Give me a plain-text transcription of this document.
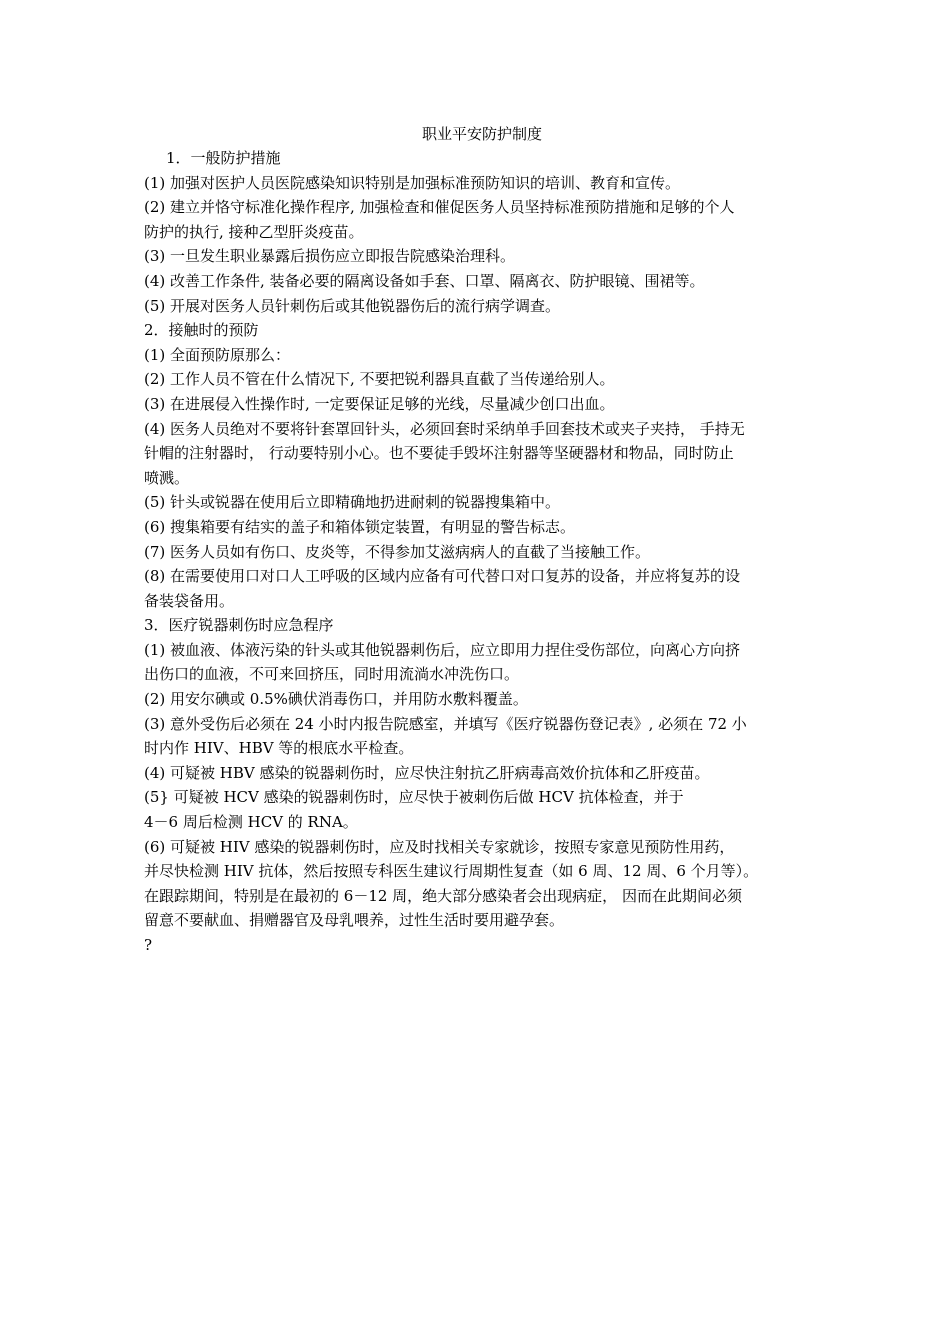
职业平安防护制度
1．一般防护措施
(1) 加强对医护人员医院感染知识特别是加强标准预防知识的培训、教育和宣传。
(2) 建立并恪守标准化操作程序, 加强检查和催促医务人员坚持标准预防措施和足够的个人
防护的执行, 接种乙型肝炎疫苗。
(3) 一旦发生职业暴露后损伤应立即报告院感染治理科。
(4) 改善工作条件, 装备必要的隔离设备如手套、口罩、隔离衣、防护眼镜、围裙等。
(5) 开展对医务人员针刺伤后或其他锐器伤后的流行病学调查。
2．接触时的预防
(1) 全面预防原那么：
(2) 工作人员不管在什么情况下, 不要把锐利器具直截了当传递给别人。
(3) 在进展侵入性操作时, 一定要保证足够的光线，尽量减少创口出血。
(4) 医务人员绝对不要将针套罩回针头，必须回套时采纳单手回套技术或夹子夹持， 手持无
针帽的注射器时， 行动要特别小心。也不要徒手毁坏注射器等坚硬器材和物品，同时防止
喷溅。
(5) 针头或锐器在使用后立即精确地扔进耐刺的锐器搜集箱中。
(6) 搜集箱要有结实的盖子和箱体锁定装置，有明显的警告标志。
(7) 医务人员如有伤口、皮炎等，不得参加艾滋病病人的直截了当接触工作。
(8) 在需要使用口对口人工呼吸的区域内应备有可代替口对口复苏的设备，并应将复苏的设
备装袋备用。
3．医疗锐器刺伤时应急程序
(1) 被血液、体液污染的针头或其他锐器刺伤后，应立即用力捏住受伤部位，向离心方向挤
出伤口的血液，不可来回挤压，同时用流淌水冲洗伤口。
(2) 用安尔碘或 0.5%碘伏消毒伤口，并用防水敷料覆盖。
(3) 意外受伤后必须在 24 小时内报告院感室，并填写《医疗锐器伤登记表》, 必须在 72 小
时内作 HIV、HBV 等的根底水平检查。
(4) 可疑被 HBV 感染的锐器刺伤时，应尽快注射抗乙肝病毒高效价抗体和乙肝疫苗。
(5} 可疑被 HCV 感染的锐器刺伤时，应尽快于被刺伤后做 HCV 抗体检查，并于
4－6 周后检测 HCV 的 RNA。
(6) 可疑被 HIV 感染的锐器刺伤时，应及时找相关专家就诊，按照专家意见预防性用药，
并尽快检测 HIV 抗体，然后按照专科医生建议行周期性复查（如 6 周、12 周、6 个月等）。
在跟踪期间，特别是在最初的 6－12 周，绝大部分感染者会出现病症， 因而在此期间必须
留意不要献血、捐赠器官及母乳喂养，过性生活时要用避孕套。
?
